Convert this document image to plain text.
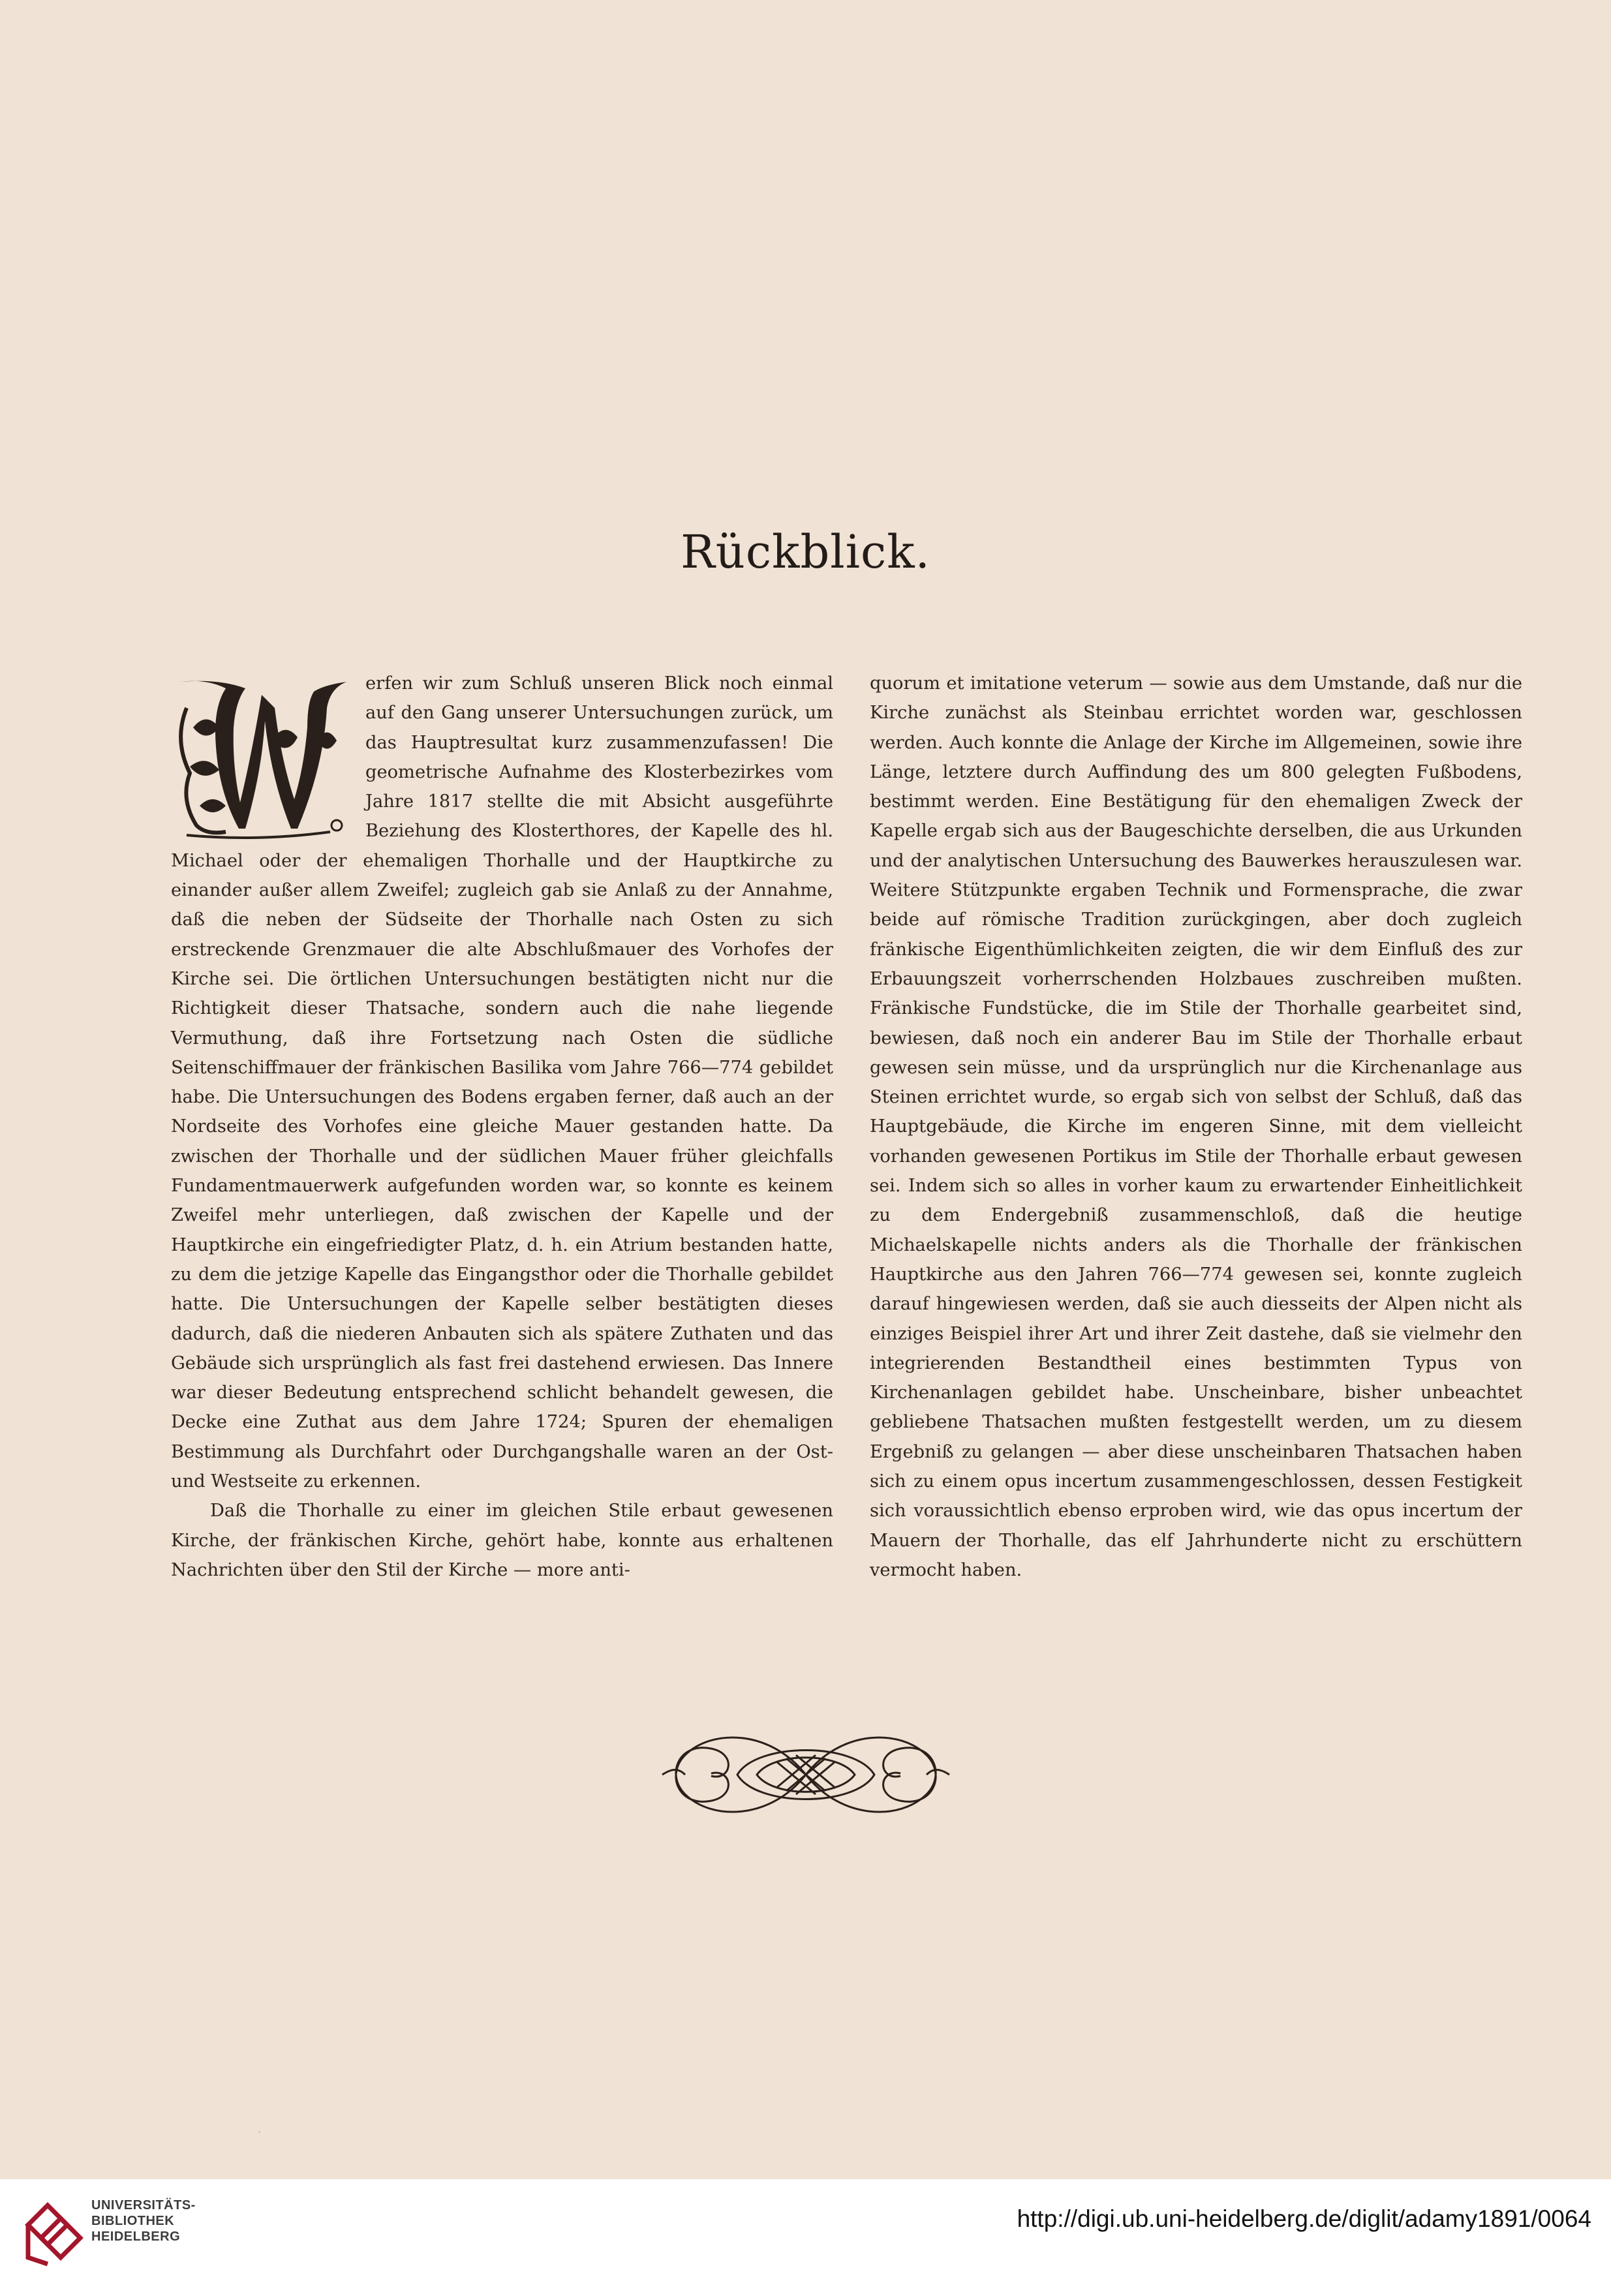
Rückblick.
W

erfen wir zum Schluß unseren Blick noch einmal auf den Gang unserer Untersuchungen zurück, um das Hauptresultat kurz zusammenzufassen! Die geometrische Aufnahme des Klosterbezirkes vom Jahre 1817 stellte die mit Absicht ausgeführte Beziehung des Klosterthores, der Kapelle des hl. Michael oder der ehemaligen Thorhalle und der Hauptkirche zu einander außer allem Zweifel; zugleich gab sie Anlaß zu der Annahme, daß die neben der Südseite der Thorhalle nach Osten zu sich erstreckende Grenzmauer die alte Abschlußmauer des Vorhofes der Kirche sei. Die örtlichen Untersuchungen bestätigten nicht nur die Richtigkeit dieser Thatsache, sondern auch die nahe liegende Vermuthung, daß ihre Fortsetzung nach Osten die südliche Seitenschiffmauer der fränkischen Basilika vom Jahre 766—774 gebildet habe. Die Untersuchungen des Bodens ergaben ferner, daß auch an der Nordseite des Vorhofes eine gleiche Mauer gestanden hatte. Da zwischen der Thorhalle und der südlichen Mauer früher gleichfalls Fundamentmauerwerk aufgefunden worden war, so konnte es keinem Zweifel mehr unterliegen, daß zwischen der Kapelle und der Hauptkirche ein eingefriedigter Platz, d. h. ein Atrium bestanden hatte, zu dem die jetzige Kapelle das Eingangsthor oder die Thorhalle gebildet hatte. Die Untersuchungen der Kapelle selber bestätigten dieses dadurch, daß die niederen Anbauten sich als spätere Zuthaten und das Gebäude sich ursprünglich als fast frei dastehend erwiesen. Das Innere war dieser Bedeutung entsprechend schlicht behandelt gewesen, die Decke eine Zuthat aus dem Jahre 1724; Spuren der ehemaligen Bestimmung als Durchfahrt oder Durchgangshalle waren an der Ost- und Westseite zu erkennen.

Daß die Thorhalle zu einer im gleichen Stile erbaut gewesenen Kirche, der fränkischen Kirche, gehört habe, konnte aus erhaltenen Nachrichten über den Stil der Kirche — more anti-

quorum et imitatione veterum — sowie aus dem Umstande, daß nur die Kirche zunächst als Steinbau errichtet worden war, geschlossen werden. Auch konnte die Anlage der Kirche im Allgemeinen, sowie ihre Länge, letztere durch Auffindung des um 800 gelegten Fußbodens, bestimmt werden. Eine Bestätigung für den ehemaligen Zweck der Kapelle ergab sich aus der Baugeschichte derselben, die aus Urkunden und der analytischen Untersuchung des Bauwerkes herauszulesen war. Weitere Stützpunkte ergaben Technik und Formensprache, die zwar beide auf römische Tradition zurückgingen, aber doch zugleich fränkische Eigenthümlichkeiten zeigten, die wir dem Einfluß des zur Erbauungszeit vorherrschenden Holzbaues zuschreiben mußten. Fränkische Fundstücke, die im Stile der Thorhalle gearbeitet sind, bewiesen, daß noch ein anderer Bau im Stile der Thorhalle erbaut gewesen sein müsse, und da ursprünglich nur die Kirchenanlage aus Steinen errichtet wurde, so ergab sich von selbst der Schluß, daß das Hauptgebäude, die Kirche im engeren Sinne, mit dem vielleicht vorhanden gewesenen Portikus im Stile der Thorhalle erbaut gewesen sei. Indem sich so alles in vorher kaum zu erwartender Einheitlichkeit zu dem Endergebniß zusammenschloß, daß die heutige Michaelskapelle nichts anders als die Thorhalle der fränkischen Hauptkirche aus den Jahren 766—774 gewesen sei, konnte zugleich darauf hingewiesen werden, daß sie auch diesseits der Alpen nicht als einziges Beispiel ihrer Art und ihrer Zeit dastehe, daß sie vielmehr den integrierenden Bestandtheil eines bestimmten Typus von Kirchenanlagen gebildet habe. Unscheinbare, bisher unbeachtet gebliebene Thatsachen mußten festgestellt werden, um zu diesem Ergebniß zu gelangen — aber diese unscheinbaren Thatsachen haben sich zu einem opus incertum zusammengeschlossen, dessen Festigkeit sich voraussichtlich ebenso erproben wird, wie das opus incertum der Mauern der Thorhalle, das elf Jahrhunderte nicht zu erschüttern vermocht haben.

·
UNIVERSITÄTS-
BIBLIOTHEK
HEIDELBERG
http://digi.ub.uni-heidelberg.de/diglit/adamy1891/0064
